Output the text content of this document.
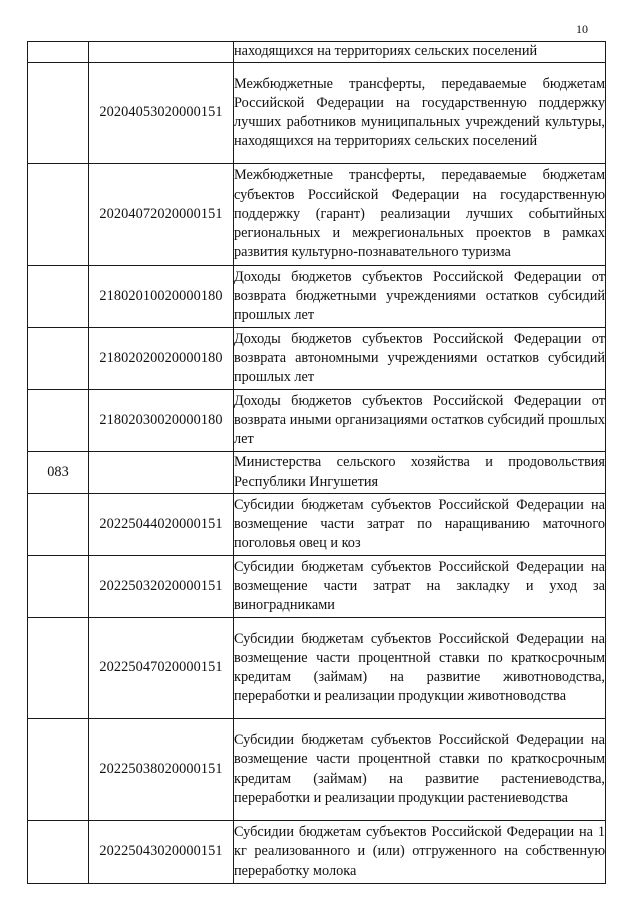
10
		находящихся на территориях сельских поселений
	20204053020000151	Межбюджетные трансферты, передаваемые бюджетам Российской Федерации на государственную поддержку лучших работников муниципальных учреждений культуры, находящихся на территориях сельских поселений
	20204072020000151	Межбюджетные трансферты, передаваемые бюджетам субъектов Российской Федерации на государственную поддержку (гарант) реализации лучших событийных региональных и межрегиональных проектов в рамках развития культурно-познавательного туризма
	21802010020000180	Доходы бюджетов субъектов Российской Федерации от возврата бюджетными учреждениями остатков субсидий прошлых лет
	21802020020000180	Доходы бюджетов субъектов Российской Федерации от возврата автономными учреждениями остатков субсидий прошлых лет
	21802030020000180	Доходы бюджетов субъектов Российской Федерации от возврата иными организациями остатков субсидий прошлых лет
083		Министерства сельского хозяйства и продовольствия Республики Ингушетия
	20225044020000151	Субсидии бюджетам субъектов Российской Федерации на возмещение части затрат по наращиванию маточного поголовья овец и коз
	20225032020000151	Субсидии бюджетам субъектов Российской Федерации на возмещение части затрат на закладку и уход за виноградниками
	20225047020000151	Субсидии бюджетам субъектов Российской Федерации на возмещение части процентной ставки по краткосрочным кредитам (займам) на развитие животноводства, переработки и реализации продукции животноводства
	20225038020000151	Субсидии бюджетам субъектов Российской Федерации на возмещение части процентной ставки по краткосрочным кредитам (займам) на развитие растениеводства, переработки и реализации продукции растениеводства
	20225043020000151	Субсидии бюджетам субъектов Российской Федерации на 1 кг реализованного и (или) отгруженного на собственную переработку молока
